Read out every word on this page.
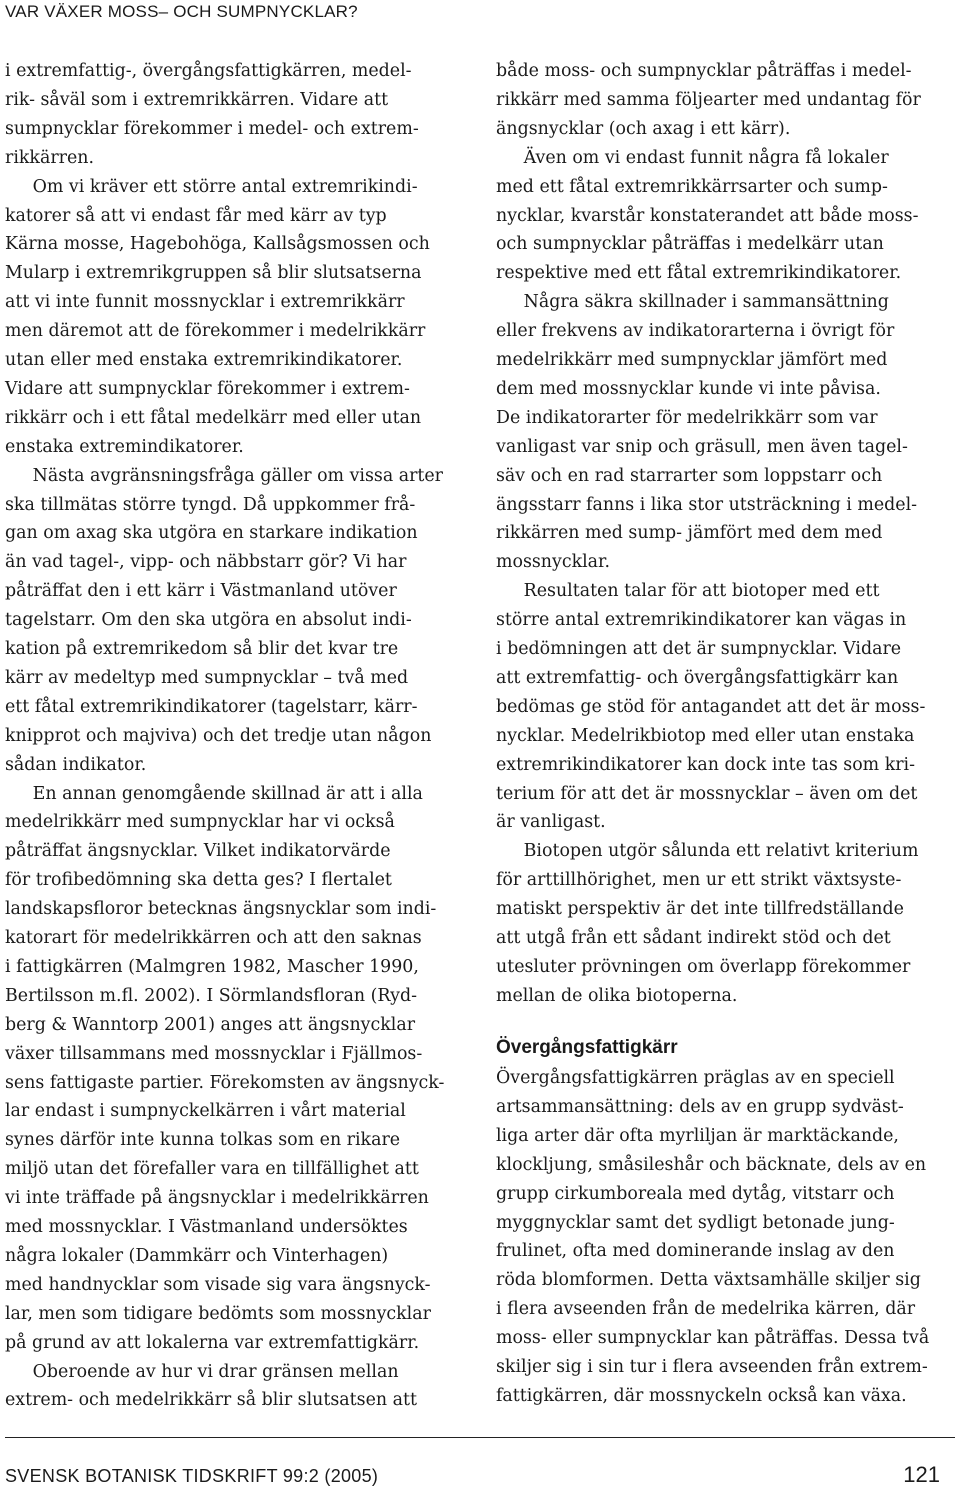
VAR VÄXER MOSS– OCH SUMPNYCKLAR?
i extremfattig-, övergångsfattigkärren, medel-
rik- såväl som i extremrikkärren. Vidare att
sumpnycklar förekommer i medel- och extrem-
rikkärren.
Om vi kräver ett större antal extremrikindi-
katorer så att vi endast får med kärr av typ
Kärna mosse, Hagebohöga, Kallsågsmossen och
Mularp i extremrikgruppen så blir slutsatserna
att vi inte funnit mossnycklar i extremrikkärr
men däremot att de förekommer i medelrikkärr
utan eller med enstaka extremrikindikatorer.
Vidare att sumpnycklar förekommer i extrem-
rikkärr och i ett fåtal medelkärr med eller utan
enstaka extremindikatorer.
Nästa avgränsningsfråga gäller om vissa arter
ska tillmätas större tyngd. Då uppkommer frå-
gan om axag ska utgöra en starkare indikation
än vad tagel-, vipp- och näbbstarr gör? Vi har
påträffat den i ett kärr i Västmanland utöver
tagelstarr. Om den ska utgöra en absolut indi-
kation på extremrikedom så blir det kvar tre
kärr av medeltyp med sumpnycklar – två med
ett fåtal extremrikindikatorer (tagelstarr, kärr-
knipprot och majviva) och det tredje utan någon
sådan indikator.
En annan genomgående skillnad är att i alla
medelrikkärr med sumpnycklar har vi också
påträffat ängsnycklar. Vilket indikatorvärde
för trofibedömning ska detta ges? I flertalet
landskapsfloror betecknas ängsnycklar som indi-
katorart för medelrikkärren och att den saknas
i fattigkärren (Malmgren 1982, Mascher 1990,
Bertilsson m.fl. 2002). I Sörmlandsfloran (Ryd-
berg & Wanntorp 2001) anges att ängsnycklar
växer tillsammans med mossnycklar i Fjällmos-
sens fattigaste partier. Förekomsten av ängsnyck-
lar endast i sumpnyckelkärren i vårt material
synes därför inte kunna tolkas som en rikare
miljö utan det förefaller vara en tillfällighet att
vi inte träffade på ängsnycklar i medelrikkärren
med mossnycklar. I Västmanland undersöktes
några lokaler (Dammkärr och Vinterhagen)
med handnycklar som visade sig vara ängsnyck-
lar, men som tidigare bedömts som mossnycklar
på grund av att lokalerna var extremfattigkärr.
Oberoende av hur vi drar gränsen mellan
extrem- och medelrikkärr så blir slutsatsen att
både moss- och sumpnycklar påträffas i medel-
rikkärr med samma följearter med undantag för
ängsnycklar (och axag i ett kärr).
Även om vi endast funnit några få lokaler
med ett fåtal extremrikkärrsarter och sump-
nycklar, kvarstår konstaterandet att både moss-
och sumpnycklar påträffas i medelkärr utan
respektive med ett fåtal extremrikindikatorer.
Några säkra skillnader i sammansättning
eller frekvens av indikatorarterna i övrigt för
medelrikkärr med sumpnycklar jämfört med
dem med mossnycklar kunde vi inte påvisa.
De indikatorarter för medelrikkärr som var
vanligast var snip och gräsull, men även tagel-
säv och en rad starrarter som loppstarr och
ängsstarr fanns i lika stor utsträckning i medel-
rikkärren med sump- jämfört med dem med
mossnycklar.
Resultaten talar för att biotoper med ett
större antal extremrikindikatorer kan vägas in
i bedömningen att det är sumpnycklar. Vidare
att extremfattig- och övergångsfattigkärr kan
bedömas ge stöd för antagandet att det är moss-
nycklar. Medelrikbiotop med eller utan enstaka
extremrikindikatorer kan dock inte tas som kri-
terium för att det är mossnycklar – även om det
är vanligast.
Biotopen utgör sålunda ett relativt kriterium
för arttillhörighet, men ur ett strikt växtsyste-
matiskt perspektiv är det inte tillfredställande
att utgå från ett sådant indirekt stöd och det
utesluter prövningen om överlapp förekommer
mellan de olika biotoperna.
Övergångsfattigkärr
Övergångsfattigkärren präglas av en speciell
artsammansättning: dels av en grupp sydväst-
liga arter där ofta myrliljan är marktäckande,
klockljung, småsileshår och bäcknate, dels av en
grupp cirkumboreala med dytåg, vitstarr och
myggnycklar samt det sydligt betonade jung-
frulinet, ofta med dominerande inslag av den
röda blomformen. Detta växtsamhälle skiljer sig
i flera avseenden från de medelrika kärren, där
moss- eller sumpnycklar kan påträffas. Dessa två
skiljer sig i sin tur i flera avseenden från extrem-
fattigkärren, där mossnyckeln också kan växa.
SVENSK BOTANISK TIDSKRIFT 99:2 (2005)	121
